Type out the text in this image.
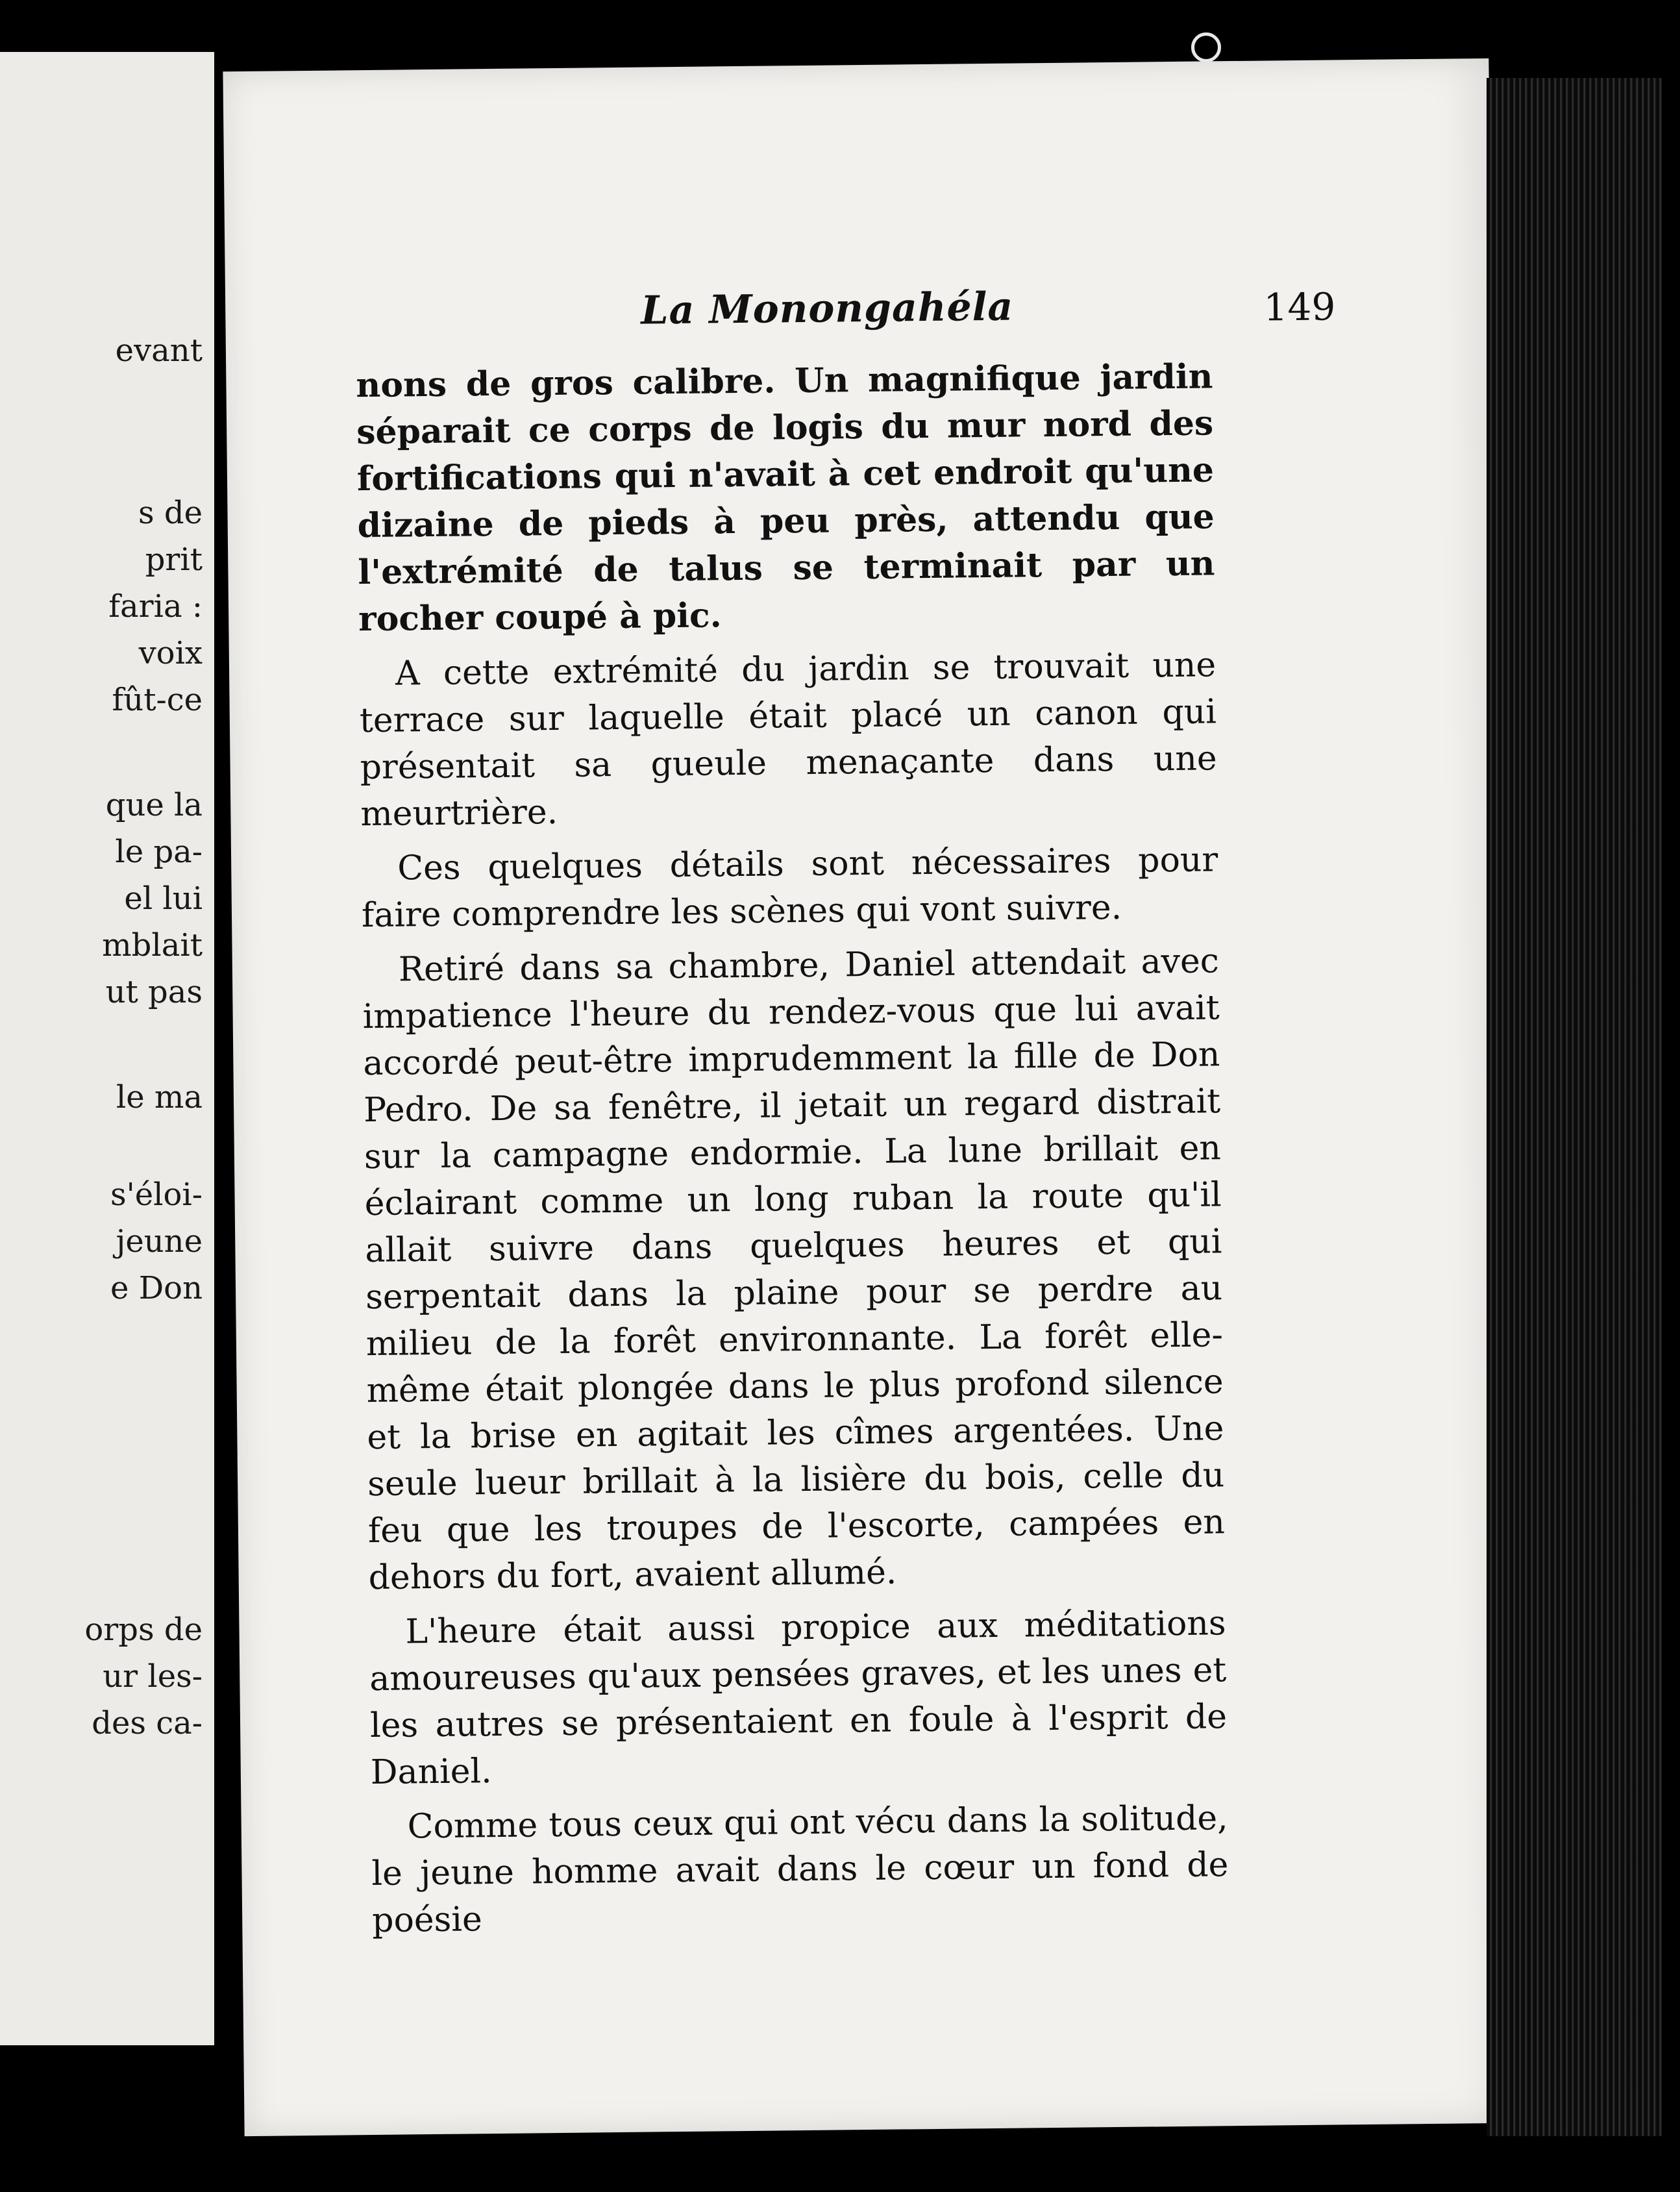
evant
s de
prit
faria :
voix
fût-ce
que la
le pa-
el lui
mblait
ut pas
le ma
s'éloi-
jeune
e Don
orps de
ur les-
des ca-
La Monongahéla	149

nons de gros calibre. Un magnifique jardin séparait ce corps de logis du mur nord des fortifications qui n'avait à cet endroit qu'une dizaine de pieds à peu près, attendu que l'extrémité de talus se terminait par un rocher coupé à pic.

A cette extrémité du jardin se trouvait une terrace sur laquelle était placé un canon qui présentait sa gueule menaçante dans une meurtrière.

Ces quelques détails sont nécessaires pour faire comprendre les scènes qui vont suivre.

Retiré dans sa chambre, Daniel attendait avec impatience l'heure du rendez-vous que lui avait accordé peut-être imprudemment la fille de Don Pedro. De sa fenêtre, il jetait un regard distrait sur la campagne endormie. La lune brillait en éclairant comme un long ruban la route qu'il allait suivre dans quelques heures et qui serpentait dans la plaine pour se perdre au milieu de la forêt environnante. La forêt elle-même était plongée dans le plus profond silence et la brise en agitait les cîmes argentées. Une seule lueur brillait à la lisière du bois, celle du feu que les troupes de l'escorte, campées en dehors du fort, avaient allumé.

L'heure était aussi propice aux méditations amoureuses qu'aux pensées graves, et les unes et les autres se présentaient en foule à l'esprit de Daniel.

Comme tous ceux qui ont vécu dans la solitude, le jeune homme avait dans le cœur un fond de poésie
